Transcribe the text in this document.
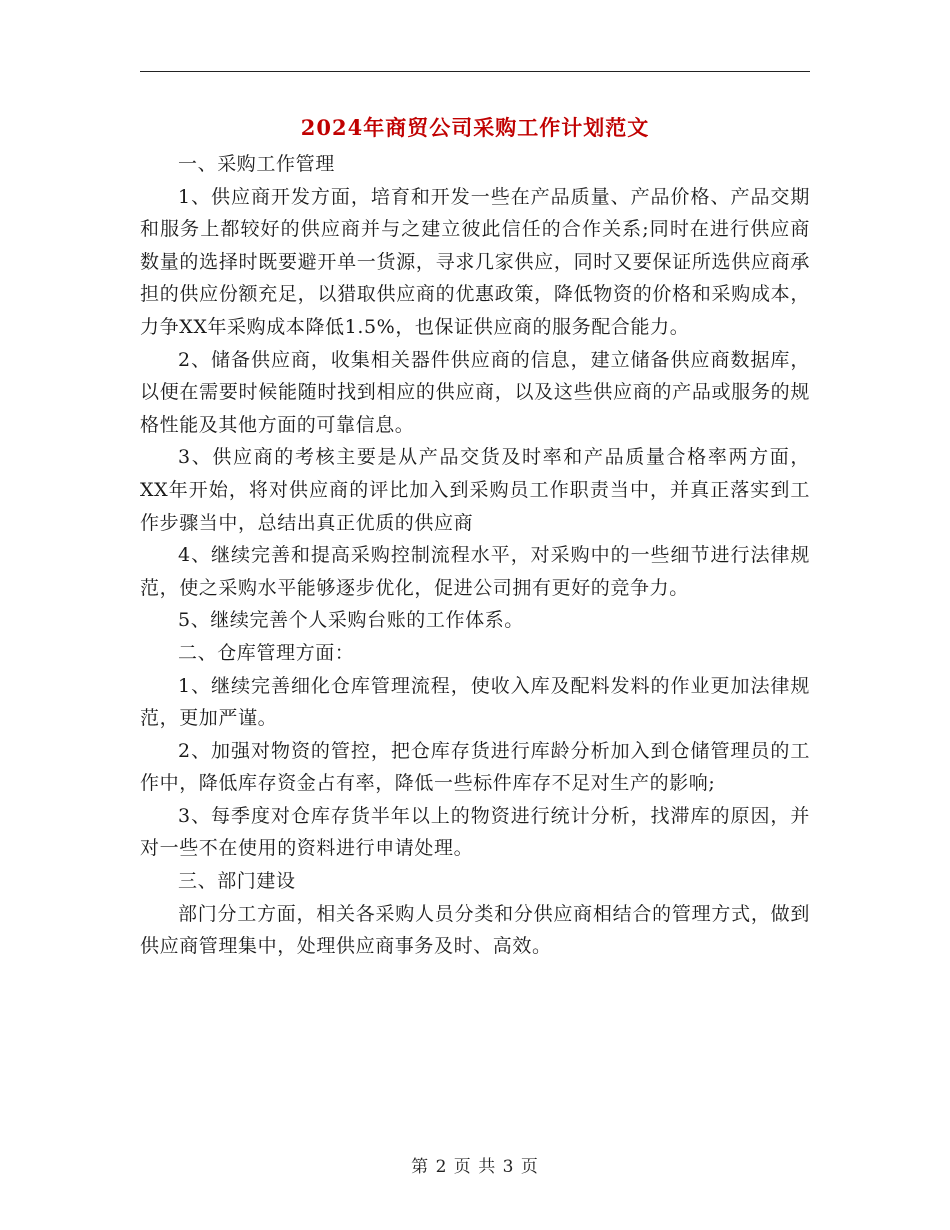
2024年商贸公司采购工作计划范文

一、采购工作管理

1、供应商开发方面，培育和开发一些在产品质量、产品价格、产品交期和服务上都较好的供应商并与之建立彼此信任的合作关系;同时在进行供应商数量的选择时既要避开单一货源，寻求几家供应，同时又要保证所选供应商承担的供应份额充足，以猎取供应商的优惠政策，降低物资的价格和采购成本，力争XX年采购成本降低1.5%，也保证供应商的服务配合能力。

2、储备供应商，收集相关器件供应商的信息，建立储备供应商数据库，以便在需要时候能随时找到相应的供应商，以及这些供应商的产品或服务的规格性能及其他方面的可靠信息。

3、供应商的考核主要是从产品交货及时率和产品质量合格率两方面， XX年开始，将对供应商的评比加入到采购员工作职责当中，并真正落实到工作步骤当中，总结出真正优质的供应商

4、继续完善和提高采购控制流程水平，对采购中的一些细节进行法律规范，使之采购水平能够逐步优化，促进公司拥有更好的竞争力。

5、继续完善个人采购台账的工作体系。

二、仓库管理方面：

1、继续完善细化仓库管理流程，使收入库及配料发料的作业更加法律规范，更加严谨。

2、加强对物资的管控，把仓库存货进行库龄分析加入到仓储管理员的工作中，降低库存资金占有率，降低一些标件库存不足对生产的影响;

3、每季度对仓库存货半年以上的物资进行统计分析，找滞库的原因，并对一些不在使用的资料进行申请处理。

三、部门建设

部门分工方面，相关各采购人员分类和分供应商相结合的管理方式，做到供应商管理集中，处理供应商事务及时、高效。

第 2 页 共 3 页
